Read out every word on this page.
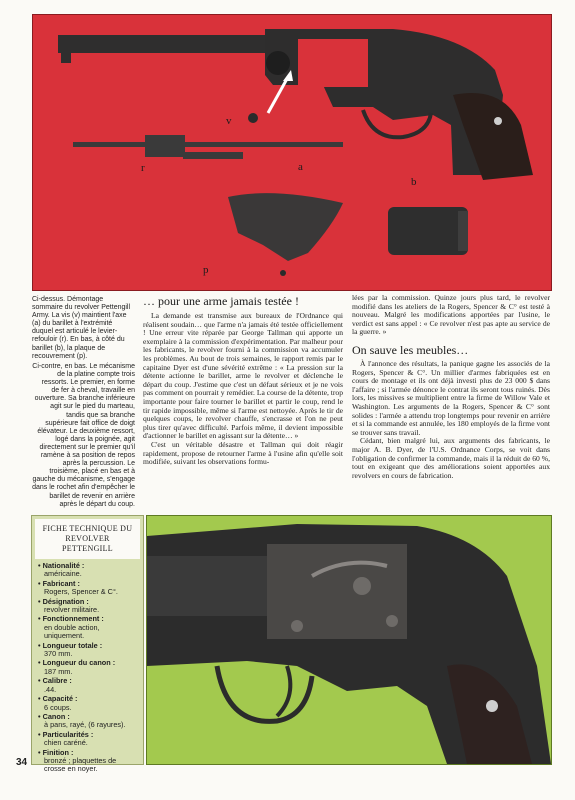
v
r	a
b
p
Ci-dessus. Démontage sommaire du revolver Pettengill Army. La vis (v) maintient l'axe (a) du barillet à l'extrémité duquel est articulé le levier- refouloir (r). En bas, à côté du barillet (b), la plaque de recouvrement (p).
Ci-contre, en bas. Le mécanisme de la platine compte trois ressorts. Le premier, en forme de fer à cheval, travaille en ouverture. Sa branche inférieure agit sur le pied du marteau, tandis que sa branche supérieure fait office de doigt élévateur. Le deuxième ressort, logé dans la poignée, agit directement sur le premier qu'il ramène à sa position de repos après la percussion. Le troisième, placé en bas et à gauche du mécanisme, s'engage dans le rochet afin d'empêcher le barillet de revenir en arrière après le départ du coup.
… pour une arme jamais testée !

La demande est transmise aux bureaux de l'Ordnance qui réalisent soudain… que l'arme n'a jamais été testée officiellement ! Une erreur vite réparée par George Tallman qui apporte un exemplaire à la commission d'expérimentation. Par malheur pour les fabricants, le revolver fourni à la commission va accumuler les problèmes. Au bout de trois semaines, le rapport remis par le capitaine Dyer est d'une sévérité extrême : « La pression sur la détente actionne le barillet, arme le revolver et déclenche le départ du coup. J'estime que c'est un défaut sérieux et je ne vois pas comment on pourrait y remédier. La course de la détente, trop importante pour faire tourner le barillet et partir le coup, rend le tir rapide impossible, même si l'arme est nettoyée. Après le tir de quelques coups, le revolver chauffe, s'encrasse et l'on ne peut plus tirer qu'avec difficulté. Parfois même, il devient impossible d'actionner le barillet en agissant sur la détente… »

C'est un véritable désastre et Tallman qui doit réagir rapidement, propose de retourner l'arme à l'usine afin qu'elle soit modifiée, suivant les observations formu-

lées par la commission. Quinze jours plus tard, le revolver modifié dans les ateliers de la Rogers, Spencer & C° est testé à nouveau. Malgré les modifications apportées par l'usine, le verdict est sans appel : « Ce revolver n'est pas apte au service de la guerre. »

On sauve les meubles…

À l'annonce des résultats, la panique gagne les associés de la Rogers, Spencer & C°. Un millier d'armes fabriquées est en cours de montage et ils ont déjà investi plus de 23 000 $ dans l'affaire ; si l'armée dénonce le contrat ils seront tous ruinés. Dès lors, les missives se multiplient entre la firme de Willow Vale et Washington. Les arguments de la Rogers, Spencer & C° sont solides : l'armée a attendu trop longtemps pour revenir en arrière et si la commande est annulée, les 180 employés de la firme vont se trouver sans travail.

Cédant, bien malgré lui, aux arguments des fabricants, le major A. B. Dyer, de l'U.S. Ordnance Corps, se voit dans l'obligation de confirmer la commande, mais il la réduit de 60 %, tout en exigeant que des améliorations soient apportées aux revolvers en cours de fabrication.

FICHE TECHNIQUE DU REVOLVER PETTENGILL
• Nationalité :
américaine.
• Fabricant :
Rogers, Spencer & C°.
• Désignation :
revolver militaire.
• Fonctionnement :
en double action, uniquement.
• Longueur totale :
370 mm.
• Longueur du canon :
187 mm.
• Calibre :
.44.
• Capacité :
6 coups.
• Canon :
à pans, rayé, (6 rayures).
• Particularités :
chien caréné.
• Finition :
bronzé ; plaquettes de crosse en noyer.
34
